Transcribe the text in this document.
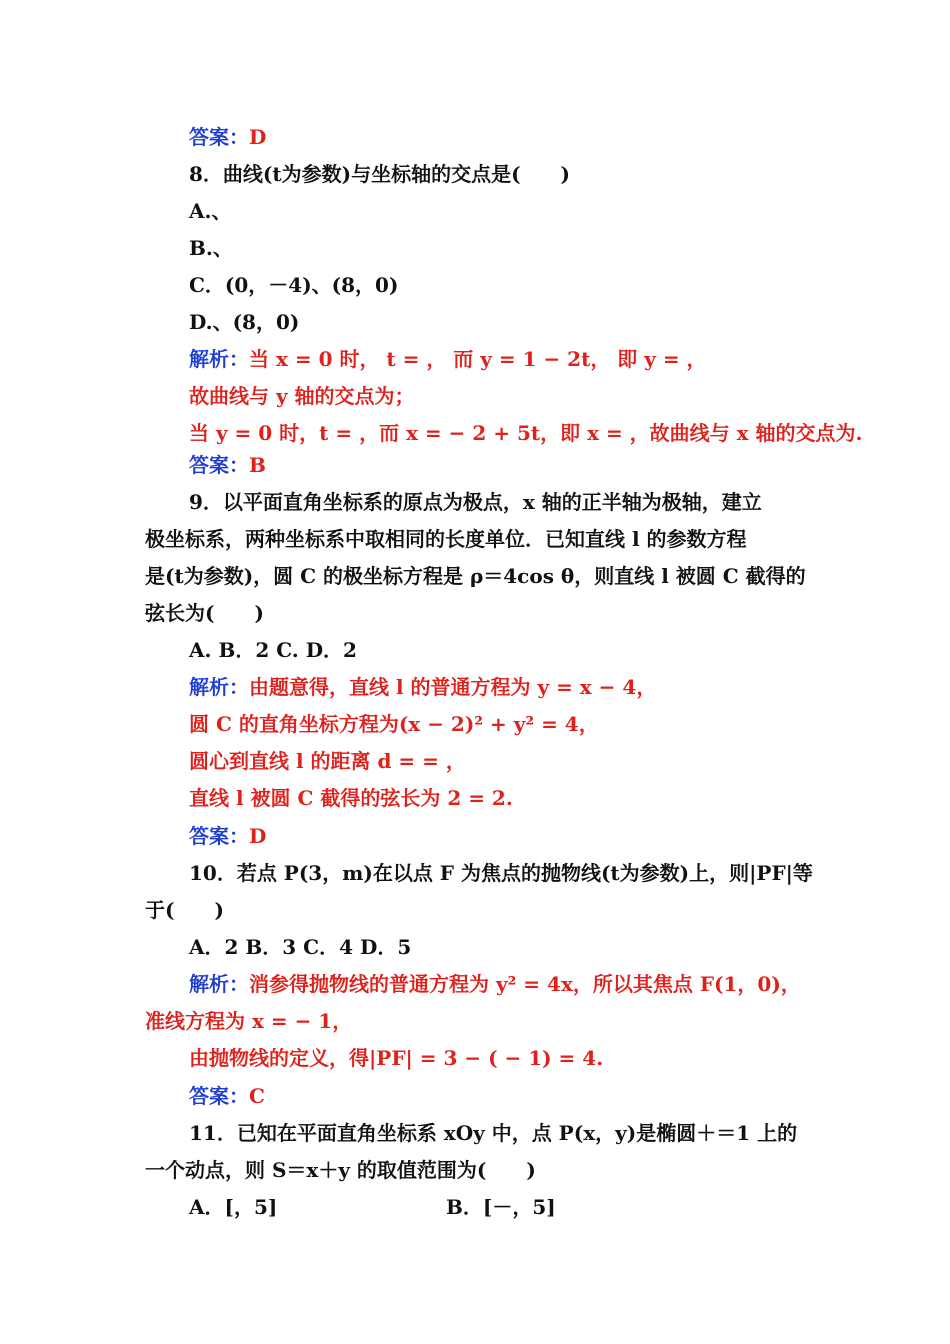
答案：D
8．曲线(t为参数)与坐标轴的交点是(　　)
A.、
B.、
C．(0，－4)、(8，0)
D.、(8，0)
解析：当 x = 0 时， t = ， 而 y = 1 − 2t， 即 y = ，
故曲线与 y 轴的交点为；
当 y = 0 时，t = ，而 x = − 2 + 5t，即 x = ，故曲线与 x 轴的交点为.
答案：B
9．以平面直角坐标系的原点为极点，x 轴的正半轴为极轴，建立
极坐标系，两种坐标系中取相同的长度单位．已知直线 l 的参数方程
是(t为参数)，圆 C 的极坐标方程是 ρ＝4cos θ，则直线 l 被圆 C 截得的
弦长为(　　)
A. B．2 C. D．2
解析：由题意得，直线 l 的普通方程为 y = x − 4，
圆 C 的直角坐标方程为(x − 2)² + y² = 4，
圆心到直线 l 的距离 d = = ，
直线 l 被圆 C 截得的弦长为 2 = 2.
答案：D
10．若点 P(3，m)在以点 F 为焦点的抛物线(t为参数)上，则|PF|等
于(　　)
A．2 B．3 C．4 D．5
解析：消参得抛物线的普通方程为 y² = 4x，所以其焦点 F(1，0)，
准线方程为 x = − 1，
由抛物线的定义，得|PF| = 3 − ( − 1) = 4.
答案：C
11．已知在平面直角坐标系 xOy 中，点 P(x，y)是椭圆＋＝1 上的
一个动点，则 S＝x＋y 的取值范围为(　　)
A．[，5]	B．[－，5]
